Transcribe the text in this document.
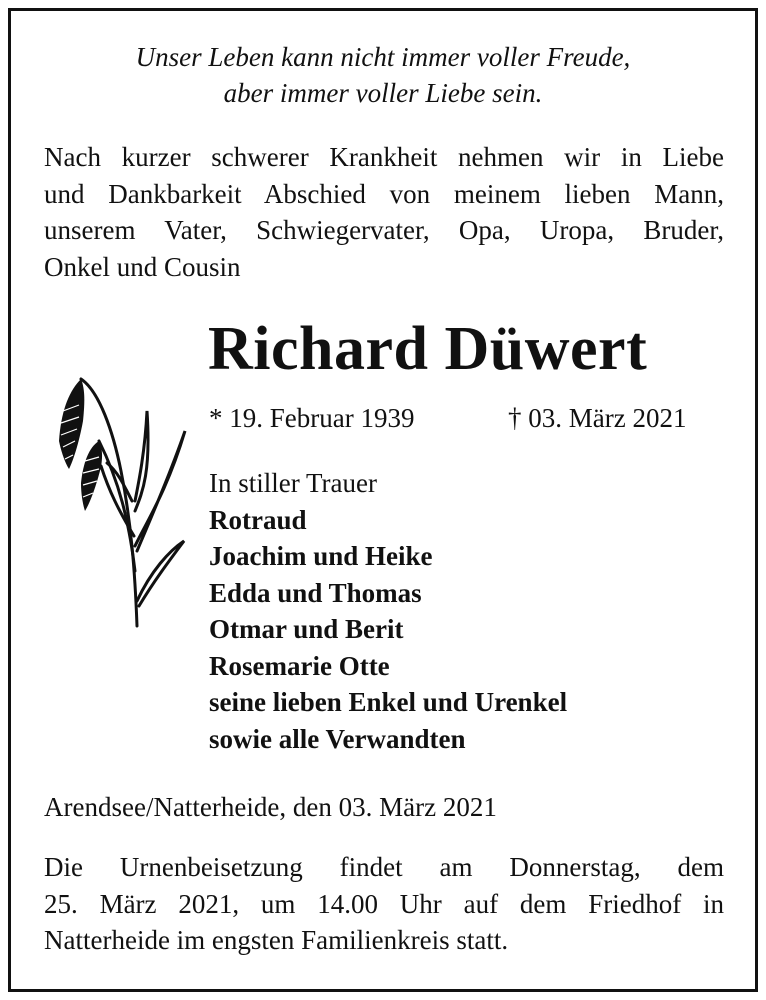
Unser Leben kann nicht immer voller Freude,
aber immer voller Liebe sein.
Nach kurzer schwerer Krankheit nehmen wir in Liebe
und Dankbarkeit Abschied von meinem lieben Mann,
unserem Vater, Schwiegervater, Opa, Uropa, Bruder,
Onkel und Cousin
Richard Düwert
* 19. Februar 1939	† 03. März 2021
In stiller Trauer
Rotraud
Joachim und Heike
Edda und Thomas
Otmar und Berit
Rosemarie Otte
seine lieben Enkel und Urenkel
sowie alle Verwandten
Arendsee/Natterheide, den 03. März 2021
Die Urnenbeisetzung findet am Donnerstag, dem
25. März 2021, um 14.00 Uhr auf dem Friedhof in
Natterheide im engsten Familienkreis statt.
